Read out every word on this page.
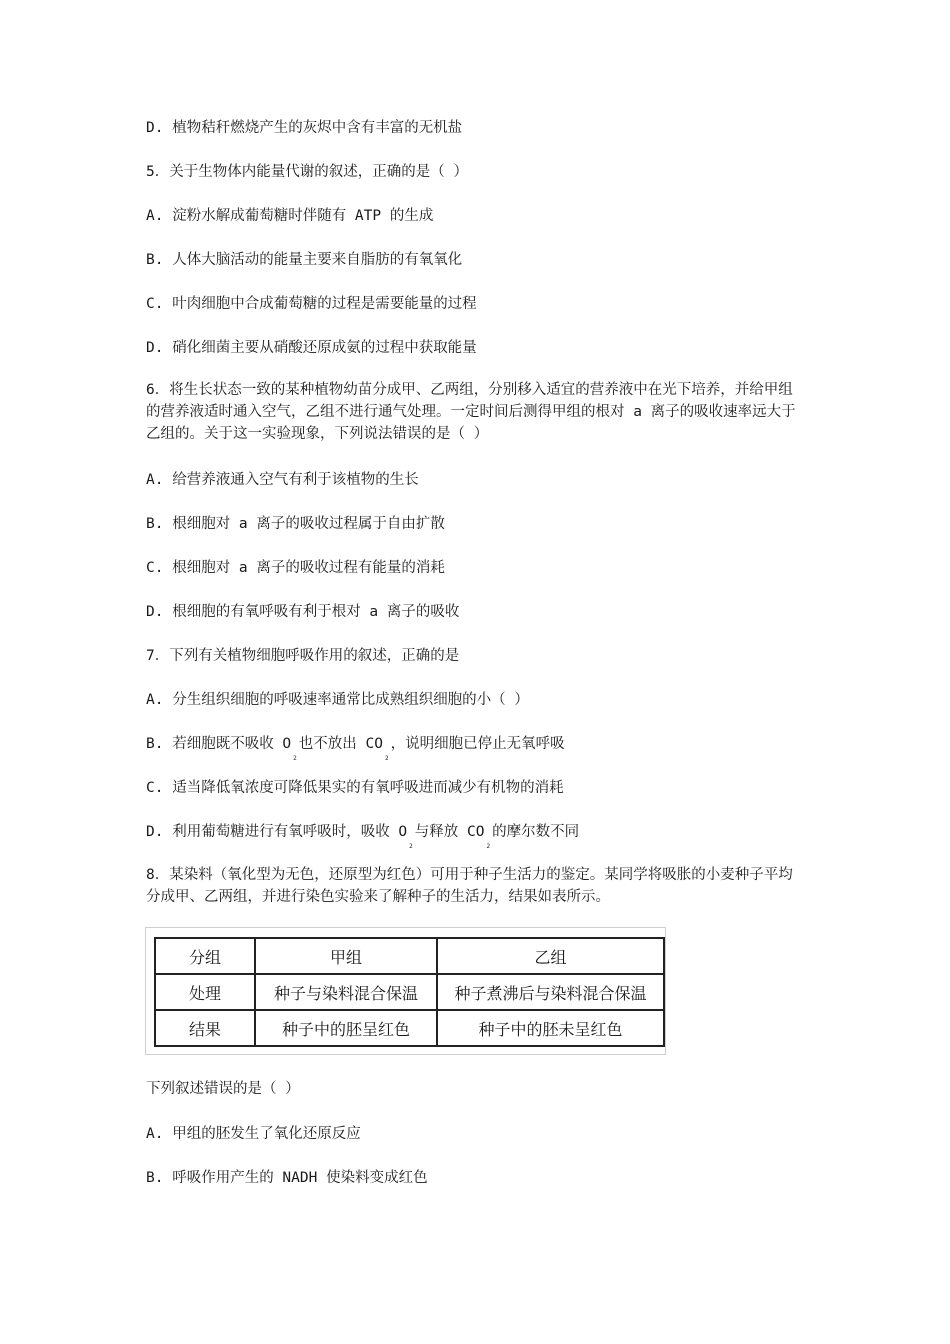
D. 植物秸秆燃烧产生的灰烬中含有丰富的无机盐
5．关于生物体内能量代谢的叙述，正确的是（ ）
A. 淀粉水解成葡萄糖时伴随有 ATP 的生成
B. 人体大脑活动的能量主要来自脂肪的有氧氧化
C. 叶肉细胞中合成葡萄糖的过程是需要能量的过程
D. 硝化细菌主要从硝酸还原成氨的过程中获取能量
6．将生长状态一致的某种植物幼苗分成甲、乙两组，分别移入适宜的营养液中在光下培养，并给甲组的营养液适时通入空气，乙组不进行通气处理。一定时间后测得甲组的根对 a 离子的吸收速率远大于乙组的。关于这一实验现象，下列说法错误的是（ ）
A. 给营养液通入空气有利于该植物的生长
B. 根细胞对 a 离子的吸收过程属于自由扩散
C. 根细胞对 a 离子的吸收过程有能量的消耗
D. 根细胞的有氧呼吸有利于根对 a 离子的吸收
7．下列有关植物细胞呼吸作用的叙述，正确的是
A. 分生组织细胞的呼吸速率通常比成熟组织细胞的小（ ）
B. 若细胞既不吸收 $O_2$也不放出 $CO_2$，说明细胞已停止无氧呼吸
C. 适当降低氧浓度可降低果实的有氧呼吸进而减少有机物的消耗
D. 利用葡萄糖进行有氧呼吸时，吸收 $O_2$与释放 $CO_2$的摩尔数不同
8．某染料（氧化型为无色，还原型为红色）可用于种子生活力的鉴定。某同学将吸胀的小麦种子平均分成甲、乙两组，并进行染色实验来了解种子的生活力，结果如表所示。
分组	甲组	乙组
处理	种子与染料混合保温	种子煮沸后与染料混合保温
结果	种子中的胚呈红色	种子中的胚未呈红色
下列叙述错误的是（ ）
A. 甲组的胚发生了氧化还原反应
B. 呼吸作用产生的 NADH 使染料变成红色
